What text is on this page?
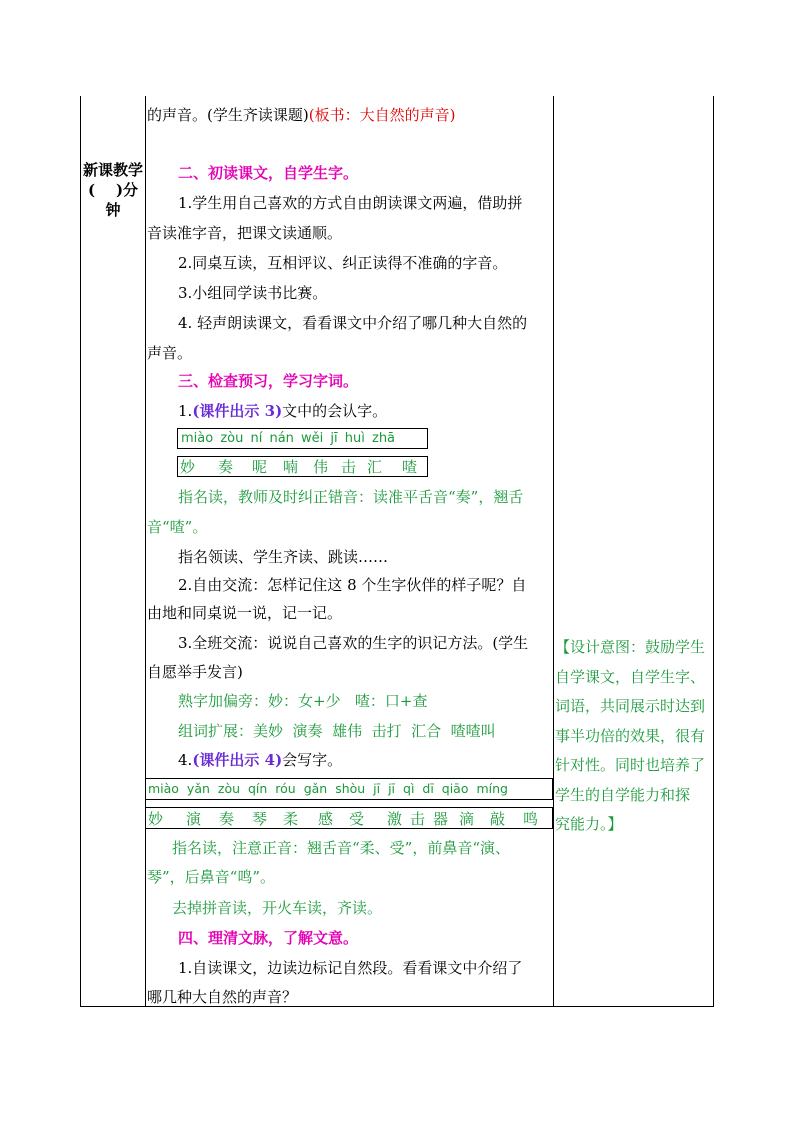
新课教学
(    )分
钟
的声音。(学生齐读课题)(板书：大自然的声音)
二、初读课文，自学生字。
1.学生用自己喜欢的方式自由朗读课文两遍，借助拼
音读准字音，把课文读通顺。
2.同桌互读，互相评议、纠正读得不准确的字音。
3.小组同学读书比赛。
4. 轻声朗读课文，看看课文中介绍了哪几种大自然的
声音。
三、检查预习，学习字词。
1.(课件出示 3)文中的会认字。
miào zòu ní nán wěi jī huì zhā
妙 奏 呢 喃 伟 击 汇 喳
指名读，教师及时纠正错音：读准平舌音“奏”，翘舌
音“喳”。
指名领读、学生齐读、跳读……
2.自由交流：怎样记住这 8 个生字伙伴的样子呢？自
由地和同桌说一说，记一记。
3.全班交流：说说自己喜欢的生字的识记方法。(学生
自愿举手发言)
熟字加偏旁：妙：女+少   喳：口+查
组词扩展：美妙  演奏  雄伟  击打  汇合  喳喳叫
4.(课件出示 4)会写字。
miào yǎn zòu qín róu gǎn shòu jī jī qì dī qiāo míng
妙 演 奏 琴 柔 感 受 激 击 器 滴 敲 鸣
指名读，注意正音：翘舌音“柔、受”，前鼻音“演、
琴”，后鼻音“鸣”。
去掉拼音读，开火车读，齐读。
四、理清文脉，了解文意。
1.自读课文，边读边标记自然段。看看课文中介绍了
哪几种大自然的声音？
【设计意图：鼓励学生
自学课文，自学生字、
词语，共同展示时达到
事半功倍的效果，很有
针对性。同时也培养了
学生的自学能力和探
究能力。】
